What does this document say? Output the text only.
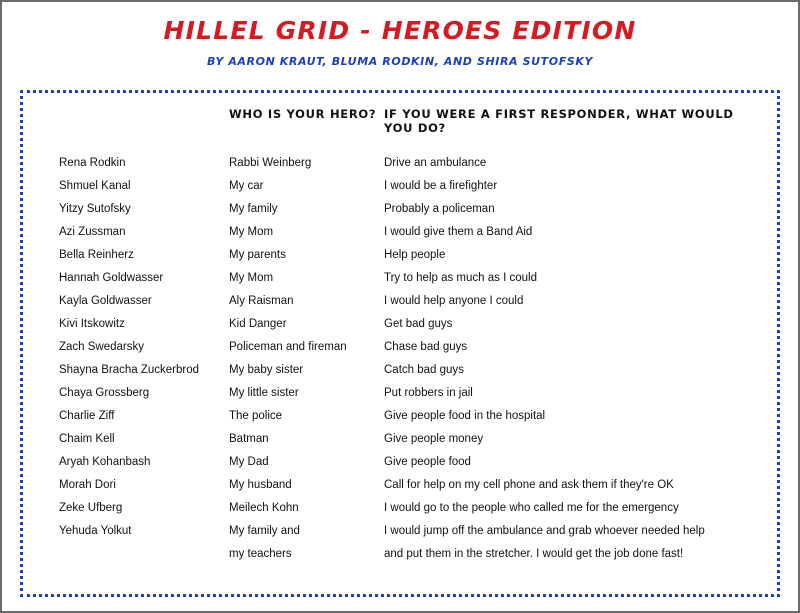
HILLEL GRID - HEROES EDITION
BY AARON KRAUT, BLUMA RODKIN, AND SHIRA SUTOFSKY
	WHO IS YOUR HERO?	IF YOU WERE A FIRST RESPONDER, WHAT WOULD YOU DO?
Rena Rodkin	Rabbi Weinberg	Drive an ambulance
Shmuel Kanal	My car	I would be a firefighter
Yitzy Sutofsky	My family	Probably a policeman
Azi Zussman	My Mom	I would give them a Band Aid
Bella Reinherz	My parents	Help people
Hannah Goldwasser	My Mom	Try to help as much as I could
Kayla Goldwasser	Aly Raisman	I would help anyone I could
Kivi Itskowitz	Kid Danger	Get bad guys
Zach Swedarsky	Policeman and fireman	Chase bad guys
Shayna Bracha Zuckerbrod	My baby sister	Catch bad guys
Chaya Grossberg	My little sister	Put robbers in jail
Charlie Ziff	The police	Give people food in the hospital
Chaim Kell	Batman	Give people money
Aryah Kohanbash	My Dad	Give people food
Morah Dori	My husband	Call for help on my cell phone and ask them if they're OK
Zeke Ufberg	Meilech Kohn	I would go to the people who called me for the emergency
Yehuda Yolkut	My family and	I would jump off the ambulance and grab whoever needed help
	my teachers	and put them in the stretcher. I would get the job done fast!
